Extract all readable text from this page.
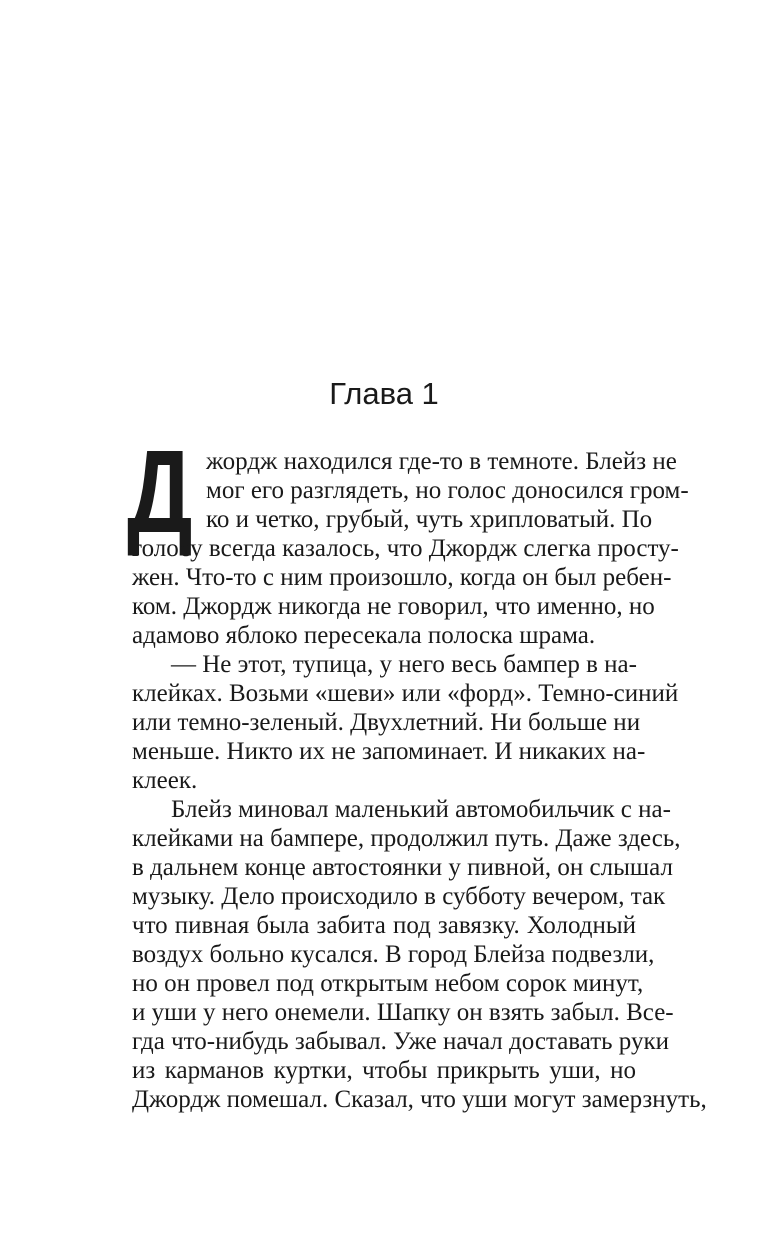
Глава 1
Д жордж находился где-то в темноте. Блейз не
мог его разглядеть, но голос доносился гром-
ко и четко, грубый, чуть хрипловатый. По
голосу всегда казалось, что Джордж слегка просту-
жен. Что-то с ним произошло, когда он был ребен-
ком. Джордж никогда не говорил, что именно, но
адамово яблоко пересекала полоска шрама.
— Не этот, тупица, у него весь бампер в на-
клейках. Возьми «шеви» или «форд». Темно-синий
или темно-зеленый. Двухлетний. Ни больше ни
меньше. Никто их не запоминает. И никаких на-
клеек.
Блейз миновал маленький автомобильчик с на-
клейками на бампере, продолжил путь. Даже здесь,
в дальнем конце автостоянки у пивной, он слышал
музыку. Дело происходило в субботу вечером, так
что пивная была забита под завязку. Холодный
воздух больно кусался. В город Блейза подвезли,
но он провел под открытым небом сорок минут,
и уши у него онемели. Шапку он взять забыл. Все-
гда что-нибудь забывал. Уже начал доставать руки
из карманов куртки, чтобы прикрыть уши, но
Джордж помешал. Сказал, что уши могут замерзнуть,
